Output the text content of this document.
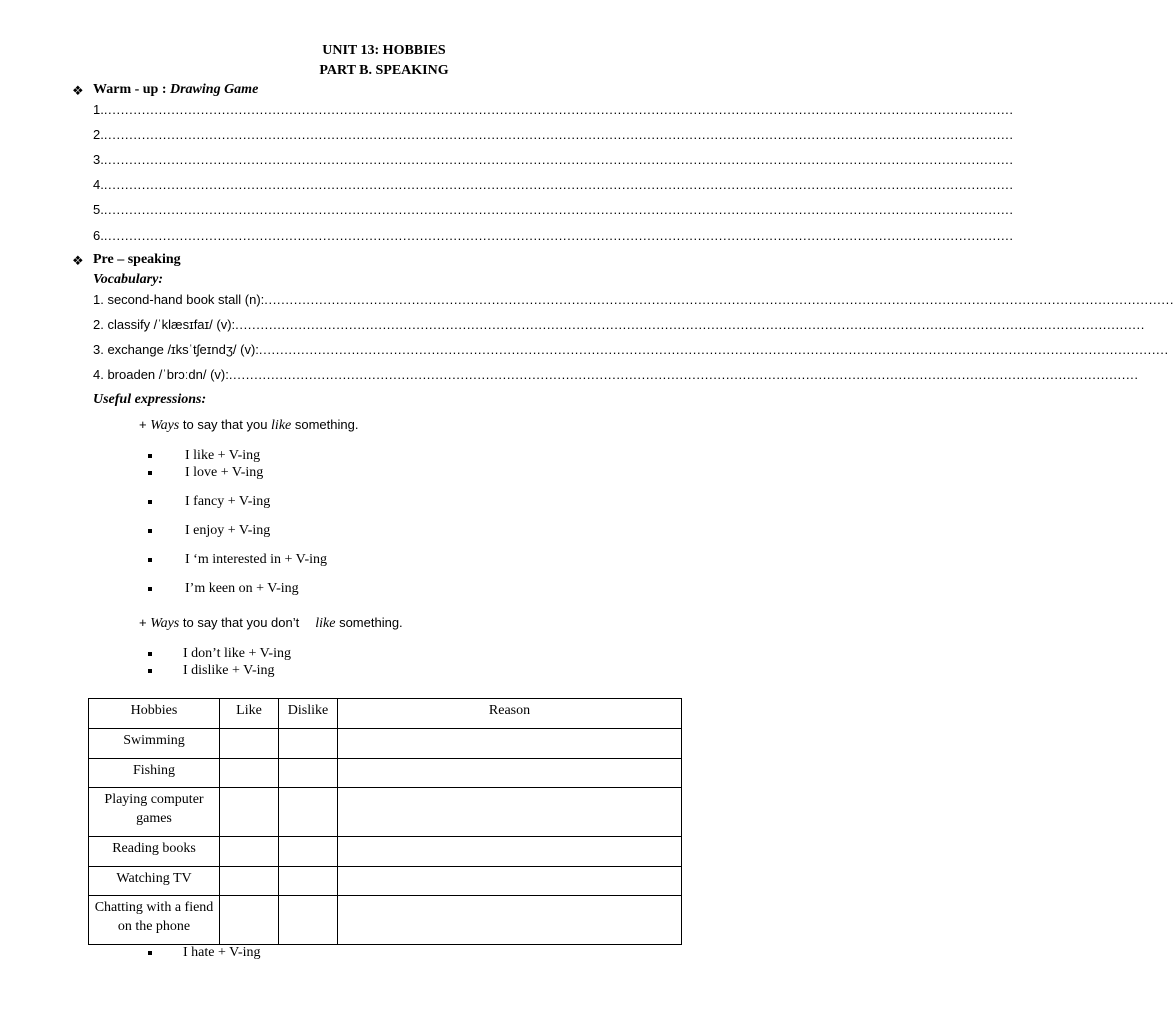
UNIT 13: HOBBIES
PART B. SPEAKING
❖ Warm - up : Drawing Game
1. ........................................................................................................................................................................................................................
2. ........................................................................................................................................................................................................................
3. ........................................................................................................................................................................................................................
4. ........................................................................................................................................................................................................................
5. ........................................................................................................................................................................................................................
6. ........................................................................................................................................................................................................................
❖ Pre – speaking
Vocabulary:
1. second-hand book stall (n): ........................................................................................................................................................................................................................
2. classify /ˈklæsɪfaɪ/ (v): ........................................................................................................................................................................................................................
3. exchange /ɪksˈtʃeɪndʒ/ (v): ........................................................................................................................................................................................................................
4. broaden /ˈbrɔːdn/ (v): ........................................................................................................................................................................................................................
Useful expressions:
+ Ways to say that you like something.
I like + V-ing
I love + V-ing
I fancy + V-ing
I enjoy + V-ing
I ‘m interested in + V-ing
I’m keen on + V-ing
+ Ways to say that you don’t like something.
I don’t like + V-ing
I dislike + V-ing
Hobbies	Like	Dislike	Reason
Swimming			
Fishing			
Playing computer games			
Reading books			
Watching TV			
Chatting with a fiend on the phone			
I hate + V-ing
